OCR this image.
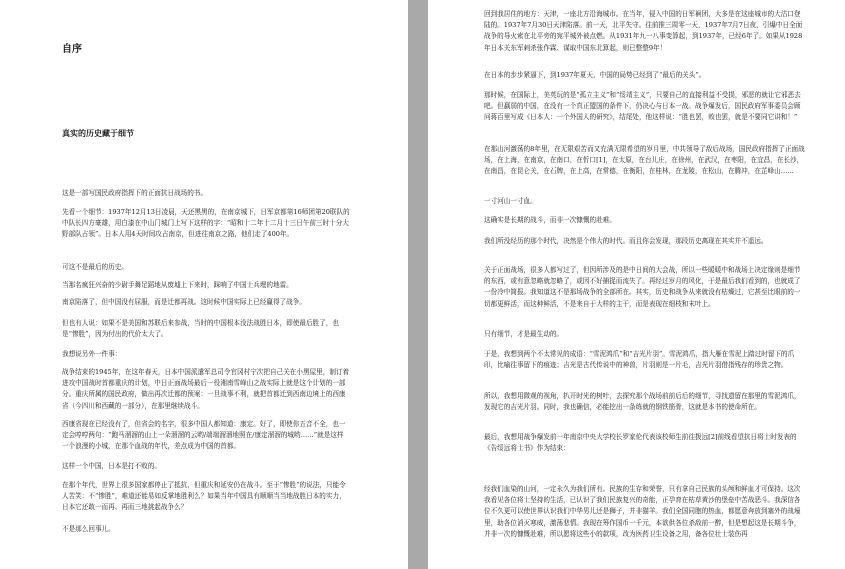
自序
真实的历史藏于细节
这是一部写国民政府指挥下的正面抗日战场的书。
先看一个细节：1937年12月13日凌晨，天还黑黑的，在南京城下，日军京都第16师团第20联队的中队长四方豪雄，用白漆在中山门城门上写下这样的字：“昭和十二年十二月十三日午前三时十分大野部队占领”。日本人用4天时间攻占南京，但进往南京之路，他们走了400年。
可这不是最后的历史。
当那名疯狂兴奋的少尉手舞足蹈地从废墟上下来时，踩响了中国士兵埋的地雷。
南京陷落了，但中国没有屈服，而是迁都再战。这时候中国实际上已经赢得了战争。
但也有人说：如果不是美国和苏联后来参战，当时的中国根本没法战胜日本，即使最后胜了，也是“惨胜”，因为付出的代价太大了。
我想说另外一件事：
战争结束的1945年，在这年春天，日本中国派遣军总司令官冈村宁次把自己关在小黑屋里，制订着进攻中国战时首都重庆的计划，中日正面战场最后一役湘南雪峰山之战实际上就是这个计划的一部分。重庆所属的国民政府，做出再次迁都的预案：一旦战事不利，就把首都迁到西南边境上的西康省（今四川和西藏的一部分），在那里继续战斗。
西康省现在已经没有了，但省会的名字，很多中国人都知道：康定。好了，即使你五音不全，也一定会哼哼两句：“跑马溜溜的山上一朵溜溜的云哟/端端溜溜地照在/康定溜溜的城哟……”就是这样一个浪漫的小城，在那个血战的年代，差点成为中国的首都。
这样一个中国，日本是打不败的。
在那个年代，世界上很多国家都停止了抵抗，但重庆和延安仍在战斗。至于“惨胜”的说法，只能令人苦笑：不“惨胜”，难道还能易如反掌地胜利么？如果当年中国具有顺顺当当地战胜日本的实力，日本它还敢一而再、再而三地挑起战争么？
不是那么回事儿。
回到我居住的地方：天津，一座北方沿海城市。在当年，侵入中国的日军裥团，大多是在这座城市的大沽口登陆的。1937年7月30日天津陷落。前一天，北平失守。往前推三周零一天，1937年7月7日夜，引爆中日全面战争的导火索在北平旁的宛平城外被点燃。从1931年九一八事变算起，到1937年，已经6年了。如果从1928年日本关东军刺杀张作霖、谋取中国东北算起，则已整整9年！
在日本的步步紧逼下，到1937年夏天，中国的局势已经到了“最后的关头”。
那时候，在国际上，美英玩的是“孤立主义”和“绥靖主义”，只要自己的直接利益不受损，邪恶的就让它邪恶去吧。但羸弱的中国，在没有一个真正盟国的条件下，仍决心与日本一战。战争爆发后，国民政府军事委员会顾问蒋百里写成《日本人：一个外国人的研究》，结尾处，他这样说：“胜也罢，败也罢，就是不要同它讲和！”
在那山河激荡的8年里，在无限艰苦而又充满无限希望的岁月里，中共领导了敌后战场，国民政府指挥了正面战场，在上海，在南京，在南口，在忻口[1]，在太原，在台儿庄，在徐州，在武汉，在枣阳，在宜昌，在长沙，在南昌，在昆仑关，在石牌，在上高，在常德，在衡阳，在桂林，在龙陵，在松山，在腾冲，在芷峰山……
一寸河山一寸血。
这确实是长期的战斗，而非一次慷慨的赴难。
我们所没经历的那个时代，决然是个伟大的时代。而且你会发现，那段历史离现在其实并不遥远。
关于正面战场，很多人都写过了，但因所涉及的是中日间的大会战，所以一些暖暖中和战场上决定缘则是细节的东西，或有意忽略就忽略了，或因不好捕捉而流失了。再经过岁月的风化，于是最后我们看到的，也就成了一份冷中简报。我知道这不是那场战争的全部所在。其实，历史和战争从来就没有枯燥过，它甚至比眼前的一切都更鲜活，而这种鲜活，不是来自于大样的主干，而是表现在细枝和末叶上。
只有细节，才是最生动的。
于是，我想到两个不太常见的成语：“雪泥鸿爪”和“吉光片羽”。雪泥鸿爪，指大雁在雪泥上踏过时留下的爪印，比喻往事留下的痕迹；吉光是古代传说中的神兽，片羽则是一片毛，吉光片羽借指残存的珍贵之物。
所以，我想用微观的视角，扒开时光的树叶，去探究那个战场前前后后的细节，寻找遗留在那里的雪泥鸿爪，发现它的吉光片羽。同时，我也确信，必能挖出一条练就的钢铁筋骨，这就是本书的使命所在。
最后，我想用战争爆发前一年南京中央大学校长罗家伦代表该校师生前往拨远[2]前线看望抗日将士时发表的《告绥远将士书》作为结束：
经我们血染的山河，一定永久为我们所有。民族的生存和荣誉，只有拿自己民族的头颅和鲜血才可保持。这次我看见各位将士坚持的生活，已认识了我们民族复兴的奇能，正孕育在枯草黄沙的堡垒中苦战恶斗。我深信各位不久更可以使世界认识我们中华男儿还是狮子，并非猫羊。我们全国同胞的热血，都愿意奔放到塞外的战壕里，助各位消灭寒威，激荡悲情。我现在筹作国币一千元，本欲供各位杀敌前一醉，但是想起这是长期斗争，并非一次的慷慨赴难，所以愿将这些小的款项，改为医药卫生设备之用，备各位壮士装伤再
